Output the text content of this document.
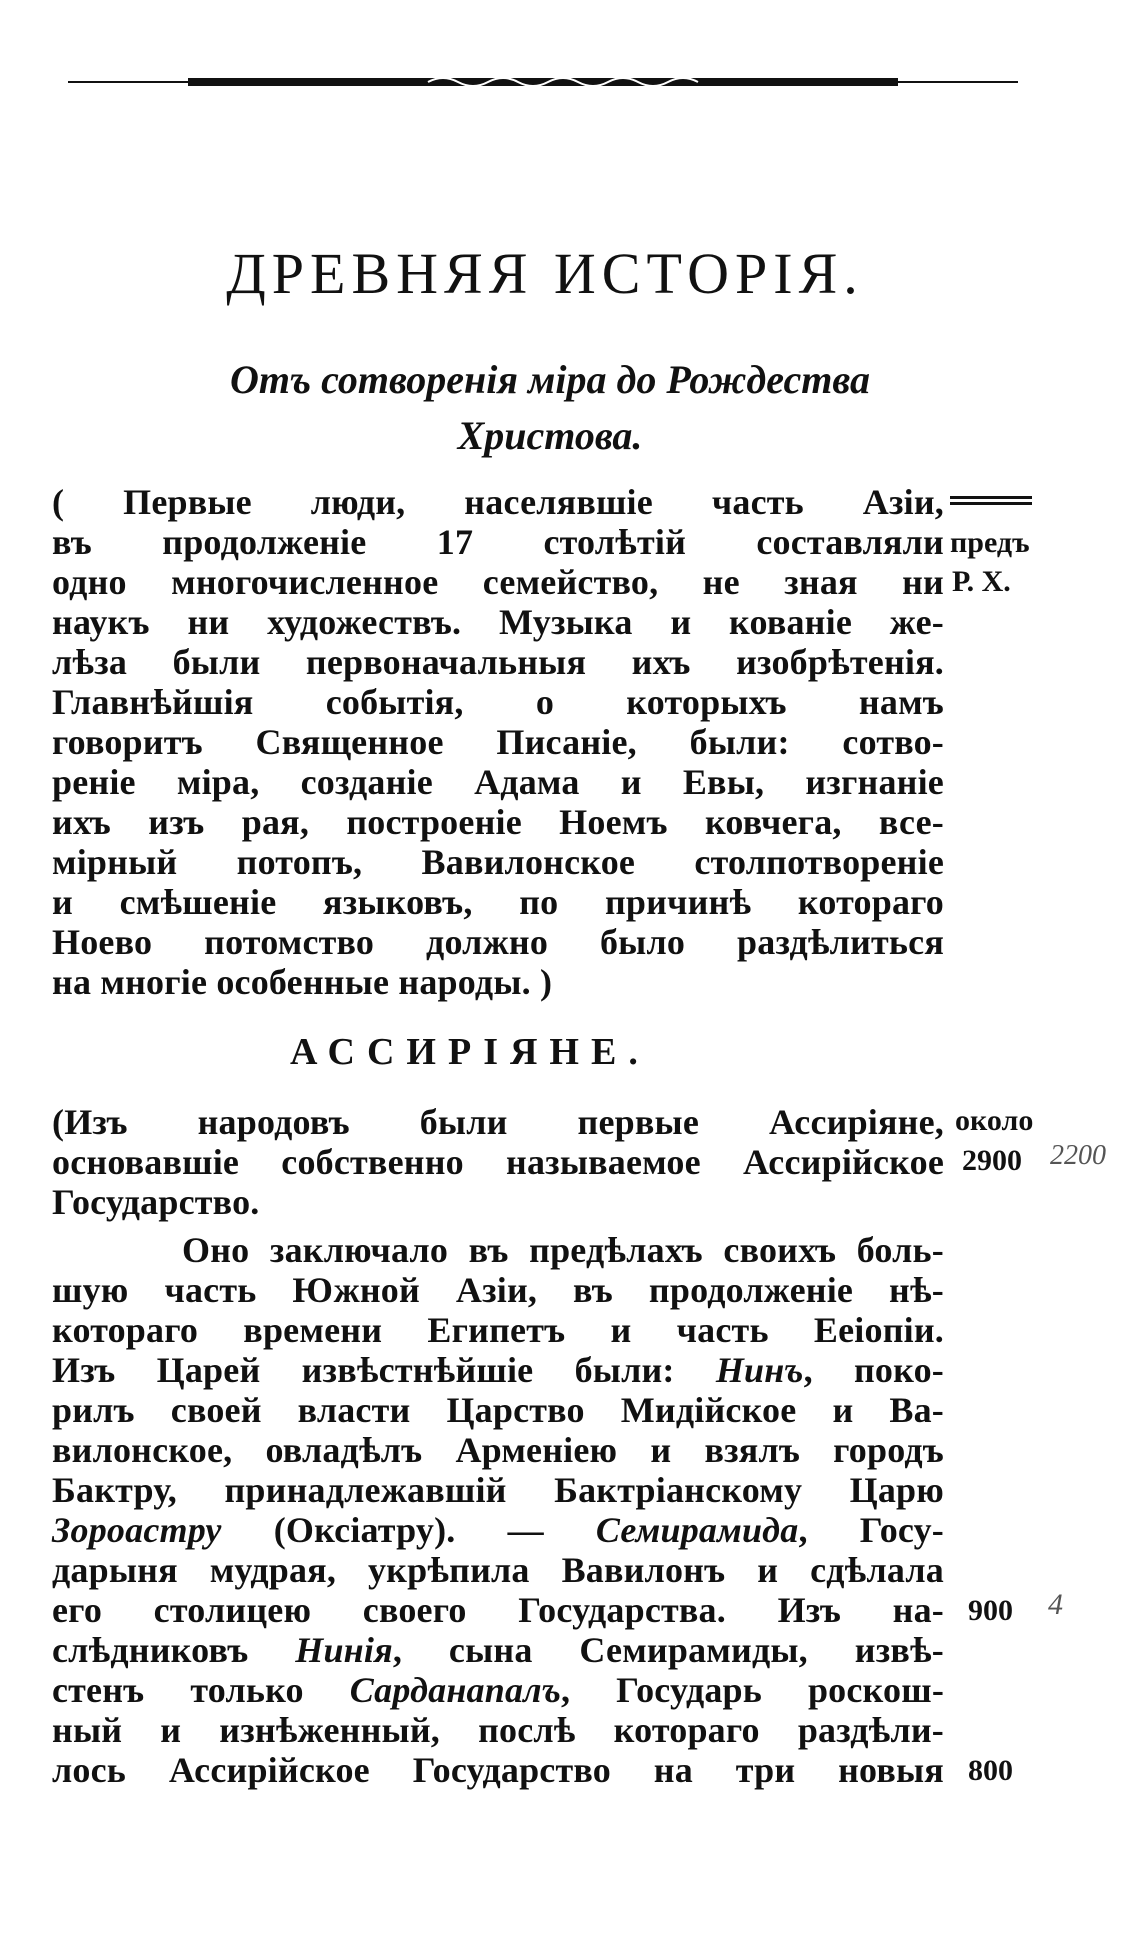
ДРЕВНЯЯ ИСТОРІЯ.
Отъ сотворенія міра до Рождества
Христова.
( Первые люди, населявшіе часть Азіи,
въ продолженіе 17 столѣтій составляли
одно многочисленное семейство, не зная ни
наукъ ни художествъ. Музыка и кованіе же-
лѣза были первоначальныя ихъ изобрѣтенія.
Главнѣйшія событія, о которыхъ намъ
говоритъ Священное Писаніе, были: сотво-
реніе міра, созданіе Адама и Евы, изгнаніе
ихъ изъ рая, построеніе Ноемъ ковчега, все-
мірный потопъ, Вавилонское столпотвореніе
и смѣшеніе языковъ, по причинѣ котораго
Ноево потомство должно было раздѣлиться
на многіе особенные народы. )
АССИРІЯНЕ.
(Изъ народовъ были первые Ассиріяне,
основавшіе собственно называемое Ассирійское
Государство.
Оно заключало въ предѣлахъ своихъ боль-
шую часть Южной Азіи, въ продолженіе нѣ-
котораго времени Египетъ и часть Ееіопіи.
Изъ Царей извѣстнѣйшіе были: Нинъ, поко-
рилъ своей власти Царство Мидійское и Ва-
вилонское, овладѣлъ Арменіею и взялъ городъ
Бактру, принадлежавшій Бактріанскому Царю
Зороастру (Оксіатру). — Семирамида, Госу-
дарыня мудрая, укрѣпила Вавилонъ и сдѣлала
его столицею своего Государства. Изъ на-
слѣдниковъ Нинія, сына Семирамиды, извѣ-
стенъ только Сарданапалъ, Государь роскош-
ный и изнѣженный, послѣ котораго раздѣли-
лось Ассирійское Государство на три новыя
предъ
Р. Х.
около
2900 2200
900 4
800
